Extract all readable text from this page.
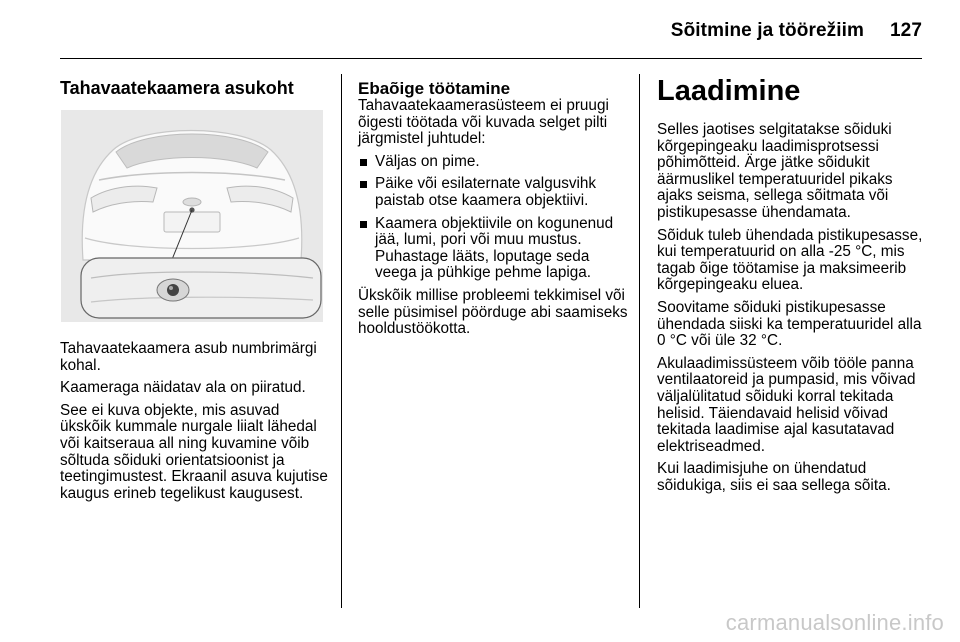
Sõitmine ja töörežiim 127
Tahavaatekaamera asukoht

Tahavaatekaamera asub numbrimärgi kohal.

Kaameraga näidatav ala on piiratud.

See ei kuva objekte, mis asuvad ükskõik kummale nurgale liialt lähedal või kaitseraua all ning kuvamine võib sõltuda sõiduki orientatsioonist ja teetingimustest. Ekraanil asuva kujutise kaugus erineb tegelikust kaugusest.

Ebaõige töötamine

Tahavaatekaamerasüsteem ei pruugi õigesti töötada või kuvada selget pilti järgmistel juhtudel:

Väljas on pime.
Päike või esilaternate valgusvihk paistab otse kaamera objektiivi.
Kaamera objektiivile on kogunenud jää, lumi, pori või muu mustus. Puhastage lääts, loputage seda veega ja pühkige pehme lapiga.

Ükskõik millise probleemi tekkimisel või selle püsimisel pöörduge abi saamiseks hooldustöökotta.

Laadimine

Selles jaotises selgitatakse sõiduki kõrgepingeaku laadimisprotsessi põhimõtteid. Ärge jätke sõidukit äärmuslikel temperatuuridel pikaks ajaks seisma, sellega sõitmata või pistikupesasse ühendamata.

Sõiduk tuleb ühendada pistikupesasse, kui temperatuurid on alla -25 °C, mis tagab õige töötamise ja maksimeerib kõrgepingeaku eluea.

Soovitame sõiduki pistikupesasse ühendada siiski ka temperatuuridel alla 0 °C või üle 32 °C.

Akulaadimissüsteem võib tööle panna ventilaatoreid ja pumpasid, mis võivad väljalülitatud sõiduki korral tekitada helisid. Täiendavaid helisid võivad tekitada laadimise ajal kasutatavad elektriseadmed.

Kui laadimisjuhe on ühendatud sõidukiga, siis ei saa sellega sõita.

carmanualsonline.info
